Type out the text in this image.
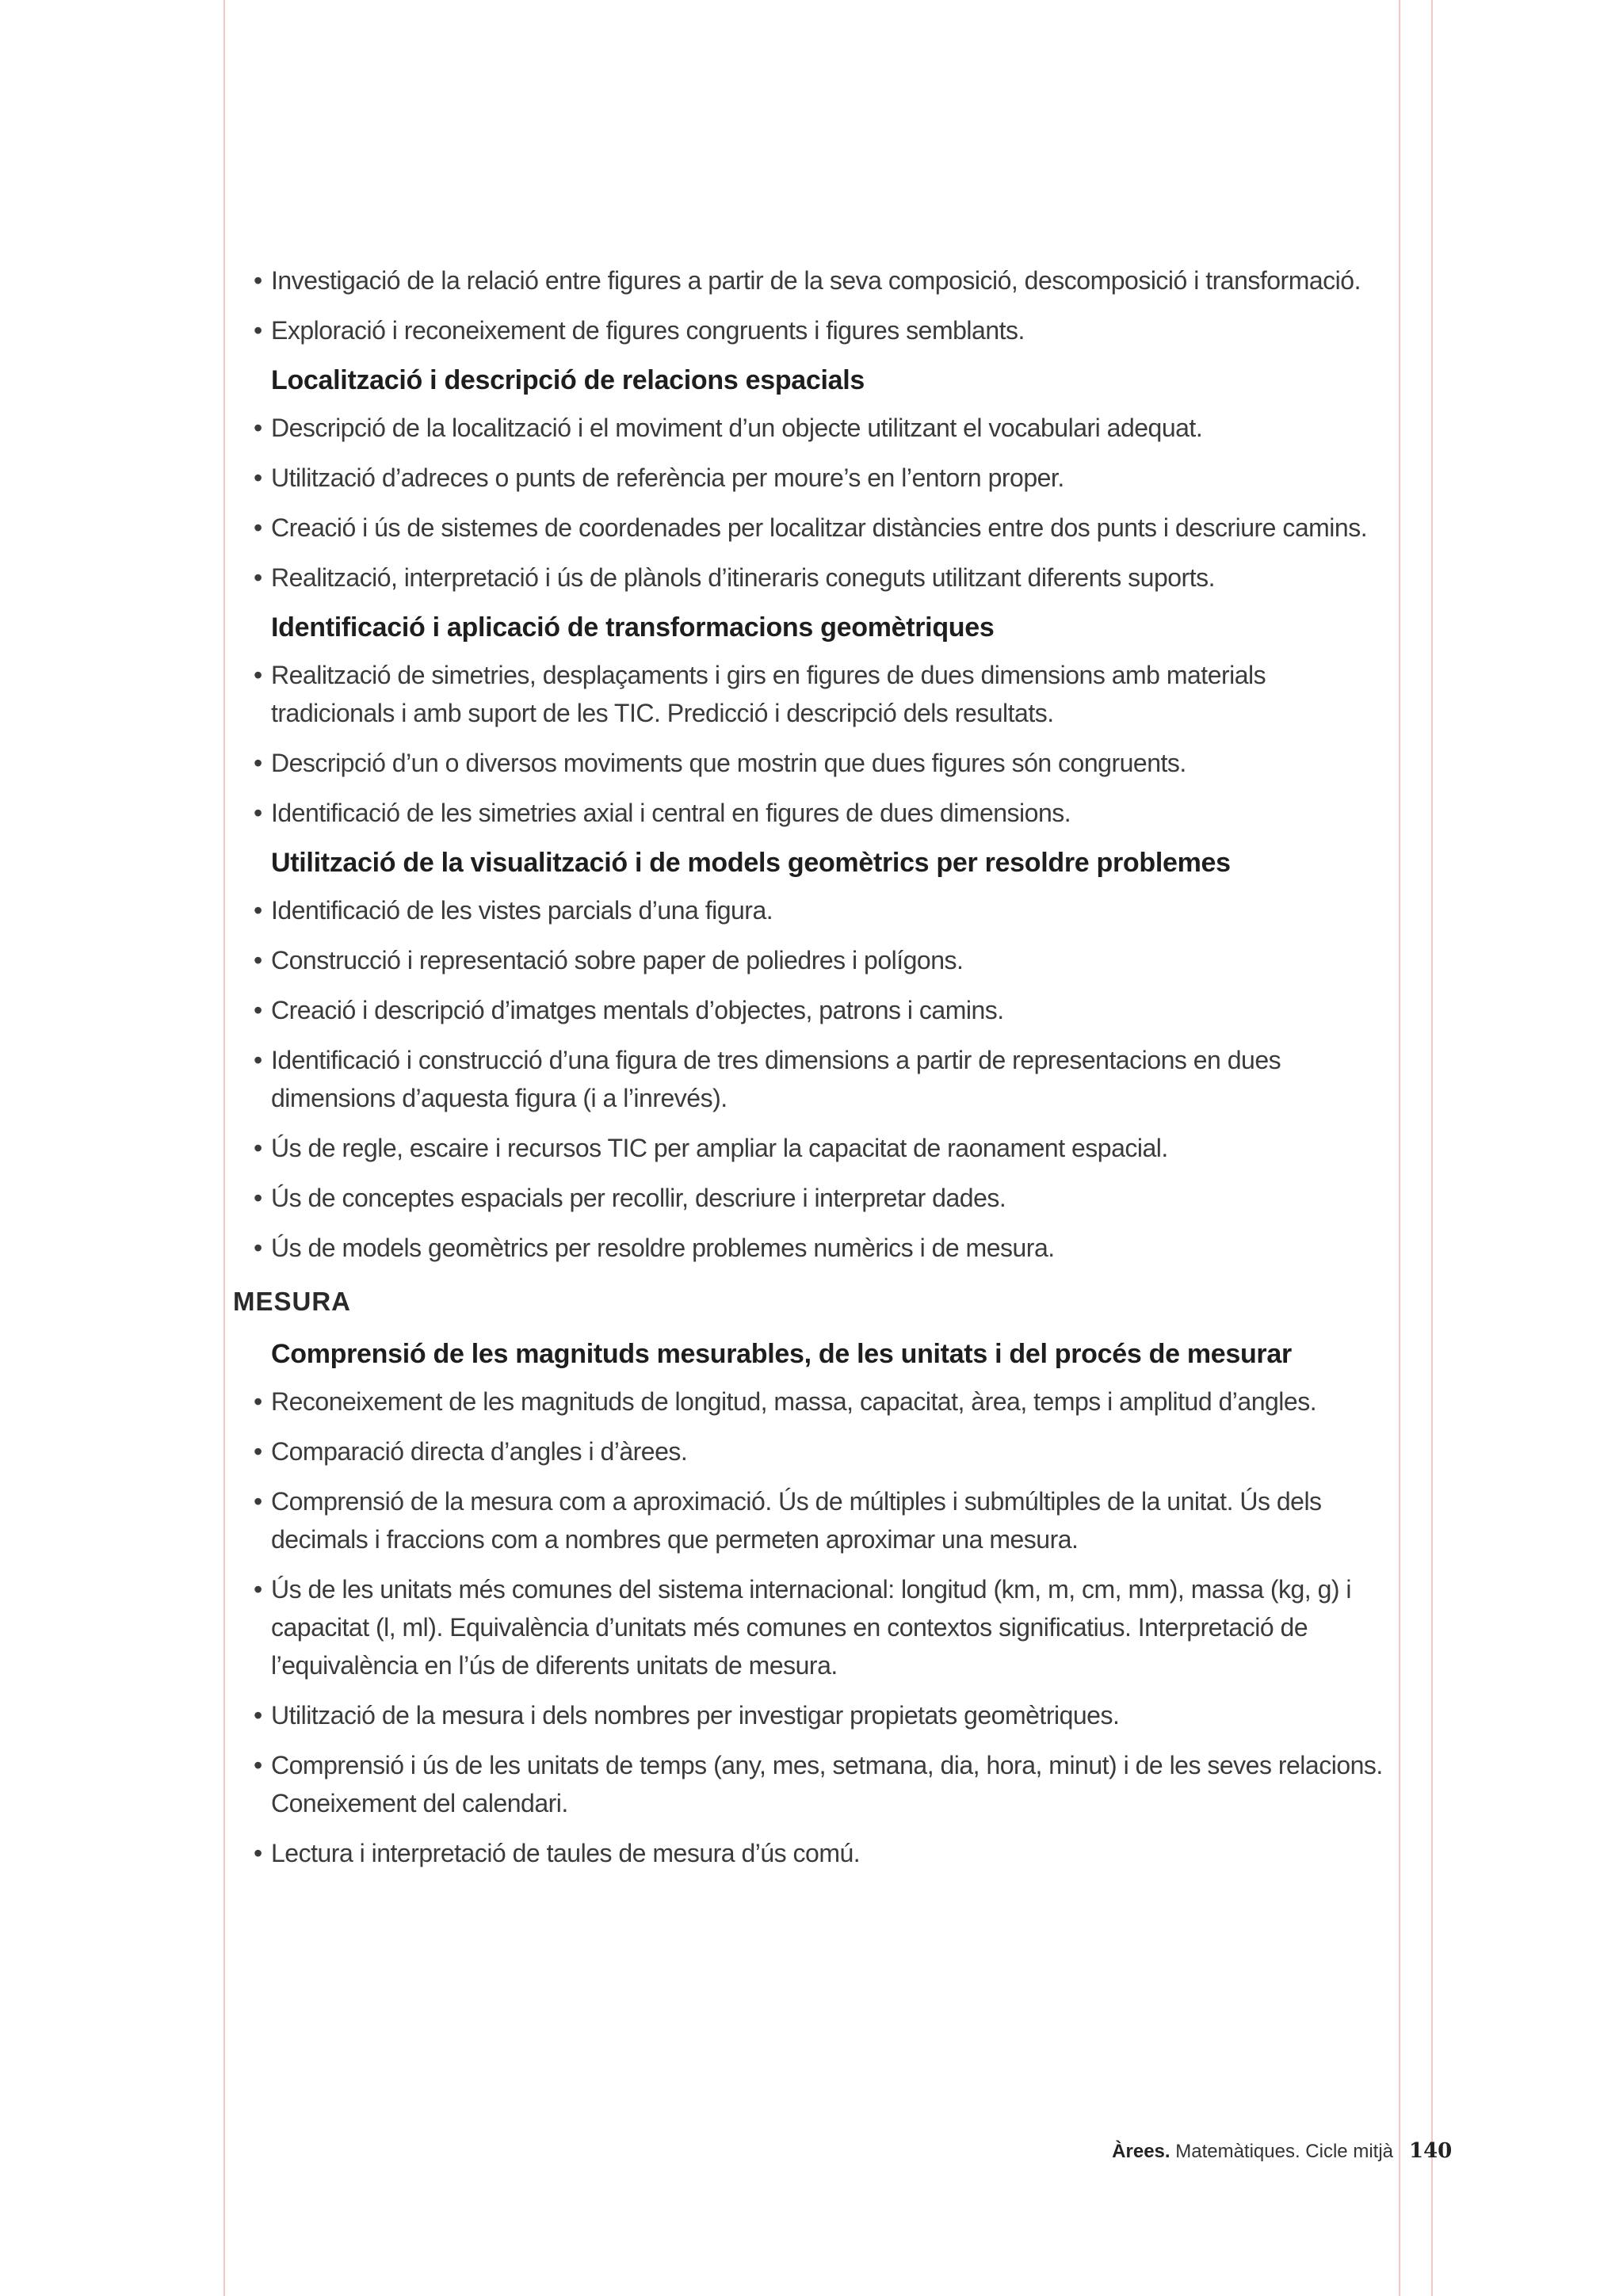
• Investigació de la relació entre figures a partir de la seva composició, descomposició i transformació.
• Exploració i reconeixement de figures congruents i figures semblants.
Localització i descripció de relacions espacials
• Descripció de la localització i el moviment d’un objecte utilitzant el vocabulari adequat.
• Utilització d’adreces o punts de referència per moure’s en l’entorn proper.
• Creació i ús de sistemes de coordenades per localitzar distàncies entre dos punts i descriure camins.
• Realització, interpretació i ús de plànols d’itineraris coneguts utilitzant diferents suports.
Identificació i aplicació de transformacions geomètriques
• Realització de simetries, desplaçaments i girs en figures de dues dimensions amb materials tradicionals i amb suport de les TIC. Predicció i descripció dels resultats.
• Descripció d’un o diversos moviments que mostrin que dues figures són congruents.
• Identificació de les simetries axial i central en figures de dues dimensions.
Utilització de la visualització i de models geomètrics per resoldre problemes
• Identificació de les vistes parcials d’una figura.
• Construcció i representació sobre paper de poliedres i polígons.
• Creació i descripció d’imatges mentals d’objectes, patrons i camins.
• Identificació i construcció d’una figura de tres dimensions a partir de representacions en dues dimensions d’aquesta figura (i a l’inrevés).
• Ús de regle, escaire i recursos TIC per ampliar la capacitat de raonament espacial.
• Ús de conceptes espacials per recollir, descriure i interpretar dades.
• Ús de models geomètrics per resoldre problemes numèrics i de mesura.
MESURA
Comprensió de les magnituds mesurables, de les unitats i del procés de mesurar
• Reconeixement de les magnituds de longitud, massa, capacitat, àrea, temps i amplitud d’angles.
• Comparació directa d’angles i d’àrees.
• Comprensió de la mesura com a aproximació. Ús de múltiples i submúltiples de la unitat. Ús dels decimals i fraccions com a nombres que permeten aproximar una mesura.
• Ús de les unitats més comunes del sistema internacional: longitud (km, m, cm, mm), massa (kg, g) i capacitat (l, ml). Equivalència d’unitats més comunes en contextos significatius. Interpretació de l’equivalència en l’ús de diferents unitats de mesura.
• Utilització de la mesura i dels nombres per investigar propietats geomètriques.
• Comprensió i ús de les unitats de temps (any, mes, setmana, dia, hora, minut) i de les seves relacions. Coneixement del calendari.
• Lectura i interpretació de taules de mesura d’ús comú.
Àrees. Matemàtiques. Cicle mitjà 140
